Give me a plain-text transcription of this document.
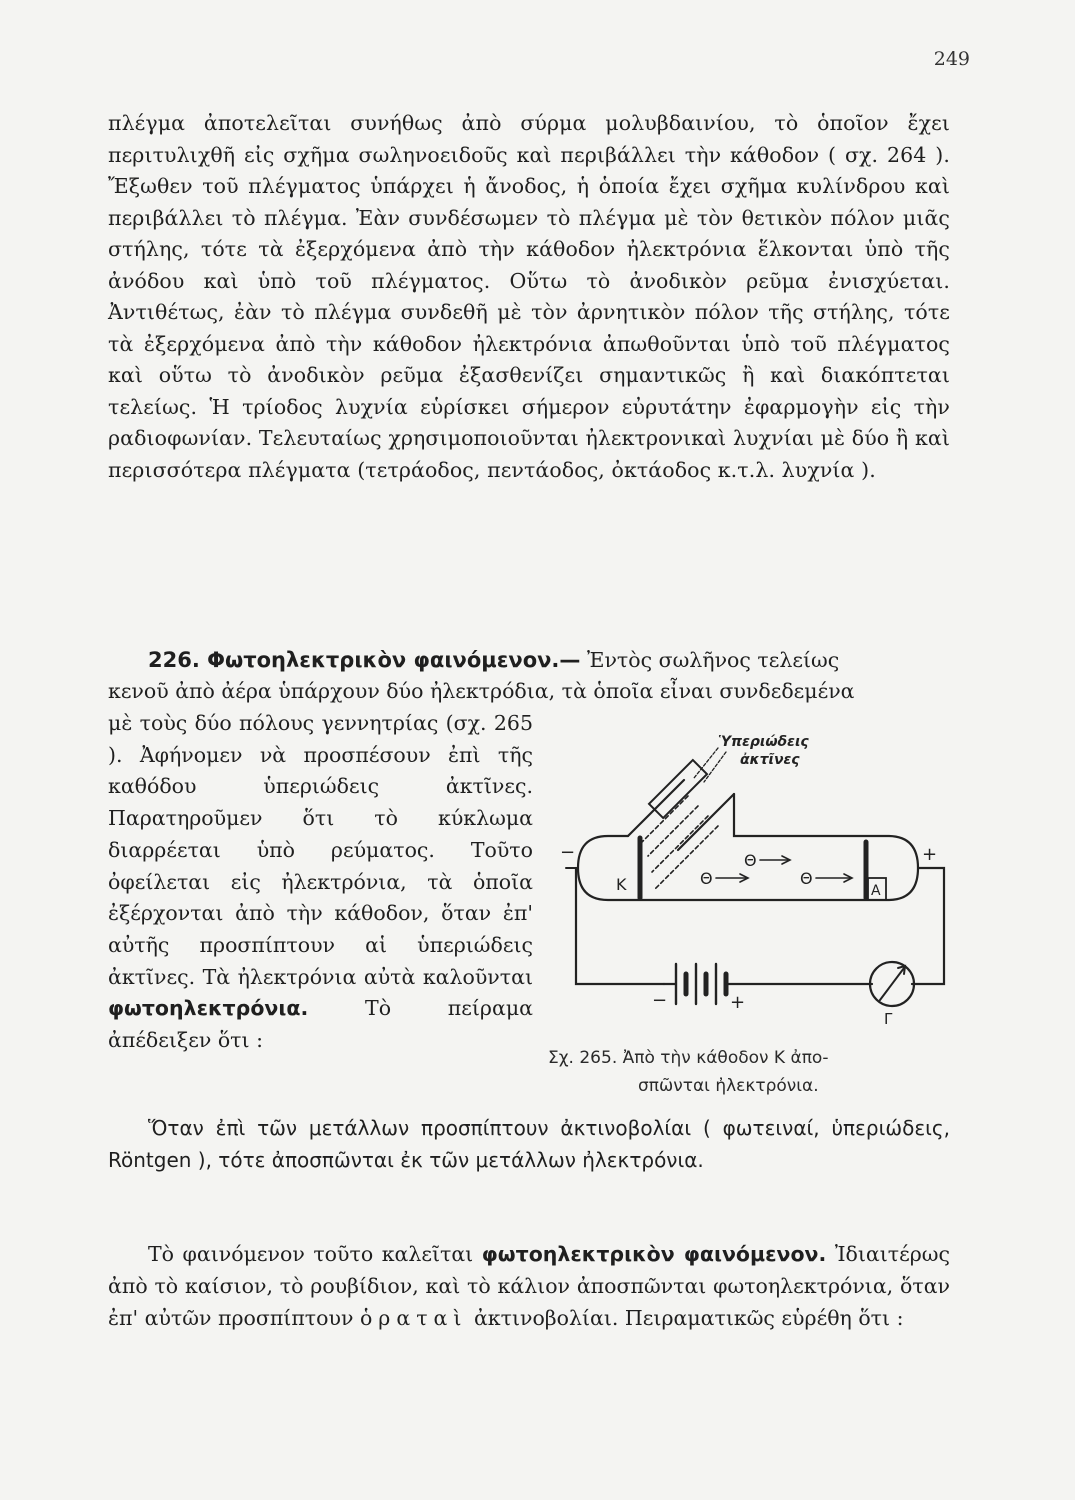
249

πλέγμα ἀποτελεῖται συνήθως ἀπὸ σύρμα μολυβδαινίου, τὸ ὁποῖον ἔχει περιτυλιχθῆ εἰς σχῆμα σωληνοειδοῦς καὶ περιβάλλει τὴν κάθοδον ( σχ. 264 ). Ἔξωθεν τοῦ πλέγματος ὑπάρχει ἡ ἄνοδος, ἡ ὁποία ἔχει σχῆμα κυλίνδρου καὶ περιβάλλει τὸ πλέγμα. Ἐὰν συνδέσωμεν τὸ πλέγμα μὲ τὸν θετικὸν πόλον μιᾶς στήλης, τότε τὰ ἐξερχόμενα ἀπὸ τὴν κάθοδον ἠλεκτρόνια ἕλκονται ὑπὸ τῆς ἀνόδου καὶ ὑπὸ τοῦ πλέγματος. Οὕτω τὸ ἀνοδικὸν ρεῦμα ἐνισχύεται. Ἀντιθέτως, ἐὰν τὸ πλέγμα συνδεθῆ μὲ τὸν ἀρνητικὸν πόλον τῆς στήλης, τότε τὰ ἐξερχόμενα ἀπὸ τὴν κάθοδον ἠλεκτρόνια ἀπωθοῦνται ὑπὸ τοῦ πλέγματος καὶ οὕτω τὸ ἀνοδικὸν ρεῦμα ἐξασθενίζει σημαντικῶς ἢ καὶ διακόπτεται τελείως. Ἡ τρίοδος λυχνία εὑρίσκει σήμερον εὐρυτάτην ἐφαρμογὴν εἰς τὴν ραδιοφωνίαν. Τελευταίως χρησιμοποιοῦνται ἠλεκτρονικαὶ λυχνίαι μὲ δύο ἢ καὶ περισσότερα πλέγματα (τετράοδος, πεντάοδος, ὀκτάοδος κ.τ.λ. λυχνία ).

226. Φωτοηλεκτρικὸν φαινόμενον.— Ἐντὸς σωλῆνος τελείως
κενοῦ ἀπὸ ἀέρα ὑπάρχουν δύο ἠλεκτρόδια, τὰ ὁποῖα εἶναι συνδεδεμένα

μὲ τοὺς δύο πόλους γεννητρίας (σχ. 265 ). Ἀφήνομεν νὰ προσπέσουν ἐπὶ τῆς καθόδου ὑπεριώδεις ἀκτῖνες. Παρατηροῦμεν ὅτι τὸ κύκλωμα διαρρέεται ὑπὸ ρεύματος. Τοῦτο ὀφείλεται εἰς ἠλεκτρόνια, τὰ ὁποῖα ἐξέρχονται ἀπὸ τὴν κάθοδον, ὅταν ἐπ' αὐτῆς προσπίπτουν αἱ ὑπεριώδεις ἀκτῖνες. Τὰ ἠλεκτρόνια αὐτὰ καλοῦνται φωτοηλεκτρόνια.	Τὸ πείραμα ἀπέδειξεν ὅτι :

Ὑπεριώδεις
ἀκτῖνες
K	A
Θ
Θ	Θ
−	+
−	+
Γ
Σχ. 265. Ἀπὸ τὴν κάθοδον Κ ἀπο-
σπῶνται ἠλεκτρόνια.

Ὅταν ἐπὶ τῶν μετάλλων προσπίπτουν ἀκτινοβολίαι ( φωτειναί, ὑπεριώδεις, Röntgen ), τότε ἀποσπῶνται ἐκ τῶν μετάλλων ἠλεκτρόνια.

Τὸ φαινόμενον τοῦτο καλεῖται φωτοηλεκτρικὸν φαινόμενον. Ἰδιαιτέρως ἀπὸ τὸ καίσιον, τὸ ρουβίδιον, καὶ τὸ κάλιον ἀποσπῶνται φωτοηλεκτρόνια, ὅταν ἐπ' αὐτῶν προσπίπτουν ὁραταὶ ἀκτινοβολίαι. Πειραματικῶς εὑρέθη ὅτι :
